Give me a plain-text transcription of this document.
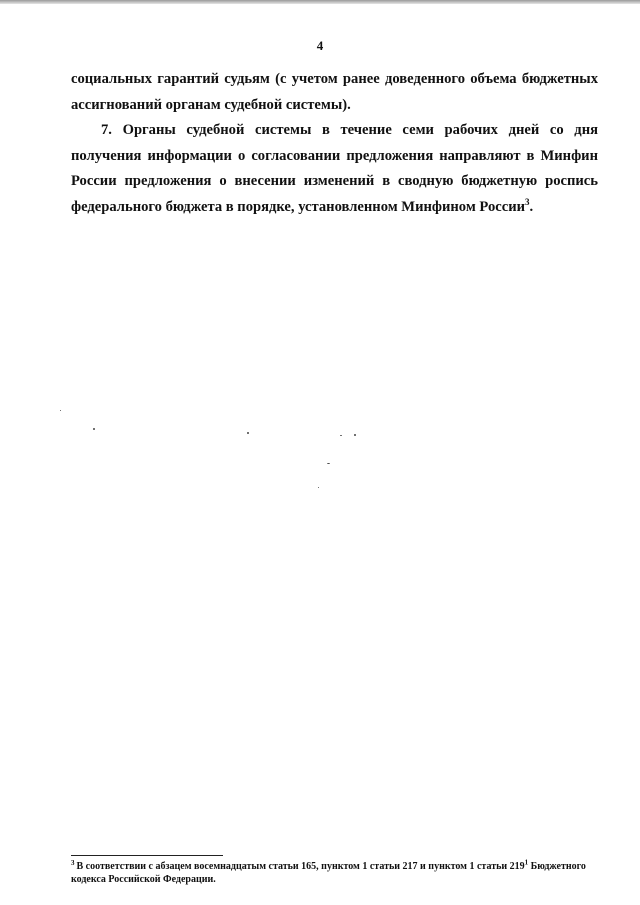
4

социальных гарантий судьям (с учетом ранее доведенного объема бюджетных ассигнований органам судебной системы).

7. Органы судебной системы в течение семи рабочих дней со дня получения информации о согласовании предложения направляют в Минфин России предложения о внесении изменений в сводную бюджетную роспись федерального бюджета в порядке, установленном Минфином России$^3$.

$^3$ В соответствии с абзацем восемнадцатым статьи 165, пунктом 1 статьи 217 и пунктом 1 статьи $219^1$ Бюджетного кодекса Российской Федерации.
